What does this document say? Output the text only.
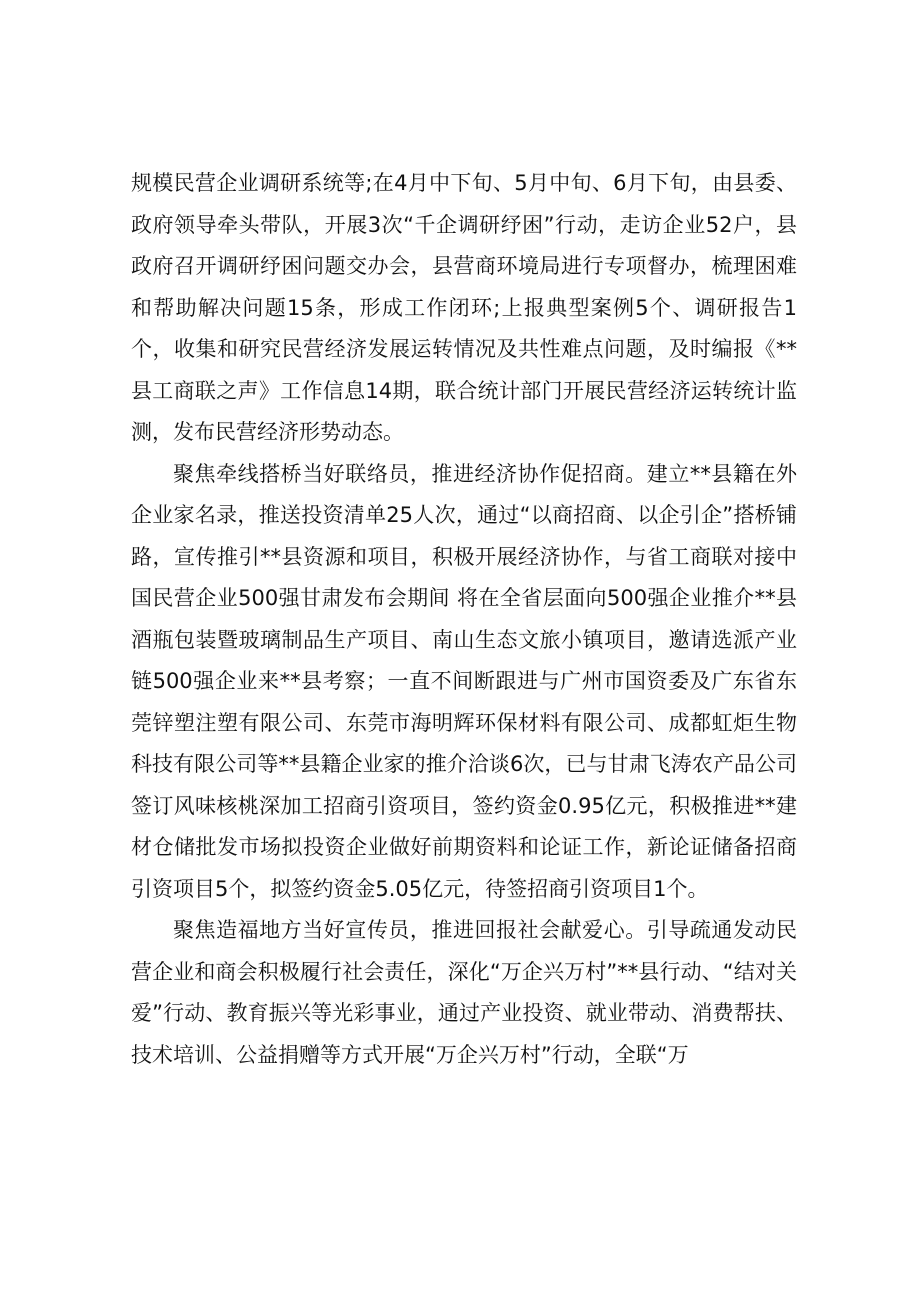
规模民营企业调研系统等;在4月中下旬、5月中旬、6月下旬，由县委、政府领导牵头带队，开展3次“千企调研纾困”行动，走访企业52户，县政府召开调研纾困问题交办会，县营商环境局进行专项督办，梳理困难和帮助解决问题15条，形成工作闭环;上报典型案例5个、调研报告1个，收集和研究民营经济发展运转情况及共性难点问题，及时编报《**县工商联之声》工作信息14期，联合统计部门开展民营经济运转统计监测，发布民营经济形势动态。

聚焦牵线搭桥当好联络员，推进经济协作促招商。建立**县籍在外企业家名录，推送投资清单25人次，通过“以商招商、以企引企”搭桥铺路，宣传推引**县资源和项目，积极开展经济协作，与省工商联对接中国民营企业500强甘肃发布会期间 将在全省层面向500强企业推介**县酒瓶包装暨玻璃制品生产项目、南山生态文旅小镇项目，邀请选派产业链500强企业来**县考察；一直不间断跟进与广州市国资委及广东省东莞锌塑注塑有限公司、东莞市海明辉环保材料有限公司、成都虹炬生物科技有限公司等**县籍企业家的推介洽谈6次，已与甘肃飞涛农产品公司签订风味核桃深加工招商引资项目，签约资金0.95亿元，积极推进**建材仓储批发市场拟投资企业做好前期资料和论证工作，新论证储备招商引资项目5个，拟签约资金5.05亿元，待签招商引资项目1个。

聚焦造福地方当好宣传员，推进回报社会献爱心。引导疏通发动民营企业和商会积极履行社会责任，深化“万企兴万村”**县行动、“结对关爱”行动、教育振兴等光彩事业，通过产业投资、就业带动、消费帮扶、技术培训、公益捐赠等方式开展“万企兴万村”行动，全联“万
